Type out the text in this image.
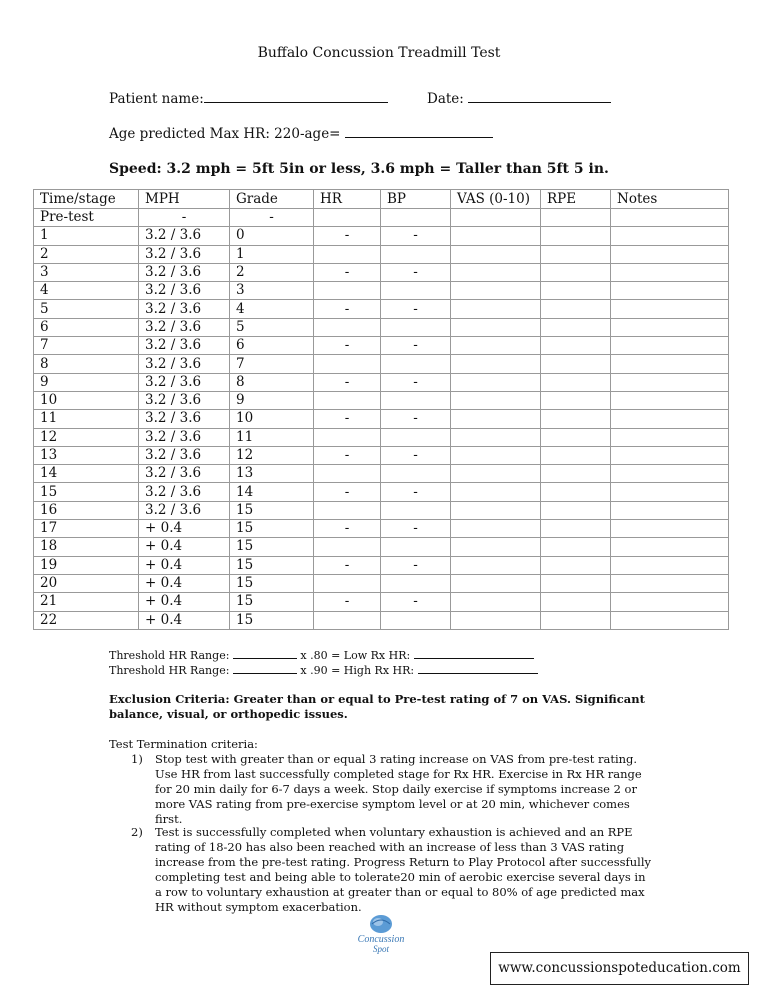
Buffalo Concussion Treadmill Test
Patient name:	Date:
Age predicted Max HR: 220-age=
Speed: 3.2 mph = 5ft 5in or less, 3.6 mph = Taller than 5ft 5 in.
Time/stage	MPH	Grade	HR	BP	VAS (0-10)	RPE	Notes
Pre-test	-	-					
1	3.2 / 3.6	0	-	-			
2	3.2 / 3.6	1					
3	3.2 / 3.6	2	-	-			
4	3.2 / 3.6	3					
5	3.2 / 3.6	4	-	-			
6	3.2 / 3.6	5					
7	3.2 / 3.6	6	-	-			
8	3.2 / 3.6	7					
9	3.2 / 3.6	8	-	-			
10	3.2 / 3.6	9					
11	3.2 / 3.6	10	-	-			
12	3.2 / 3.6	11					
13	3.2 / 3.6	12	-	-			
14	3.2 / 3.6	13					
15	3.2 / 3.6	14	-	-			
16	3.2 / 3.6	15					
17	+ 0.4	15	-	-			
18	+ 0.4	15					
19	+ 0.4	15	-	-			
20	+ 0.4	15					
21	+ 0.4	15	-	-			
22	+ 0.4	15					
Threshold HR Range:	x .80 = Low Rx HR:
Threshold HR Range:	x .90 = High Rx HR:
Exclusion Criteria: Greater than or equal to Pre-test rating of 7 on VAS. Significant balance, visual, or orthopedic issues.
Test Termination criteria:
1) Stop test with greater than or equal 3 rating increase on VAS from pre-test rating. Use HR from last successfully completed stage for Rx HR. Exercise in Rx HR range for 20 min daily for 6-7 days a week. Stop daily exercise if symptoms increase 2 or more VAS rating from pre-exercise symptom level or at 20 min, whichever comes first.
2) Test is successfully completed when voluntary exhaustion is achieved and an RPE rating of 18-20 has also been reached with an increase of less than 3 VAS rating increase from the pre-test rating. Progress Return to Play Protocol after successfully completing test and being able to tolerate20 min of aerobic exercise several days in a row to voluntary exhaustion at greater than or equal to 80% of age predicted max HR without symptom exacerbation.
Concussion
Spot
www.concussionspoteducation.com
